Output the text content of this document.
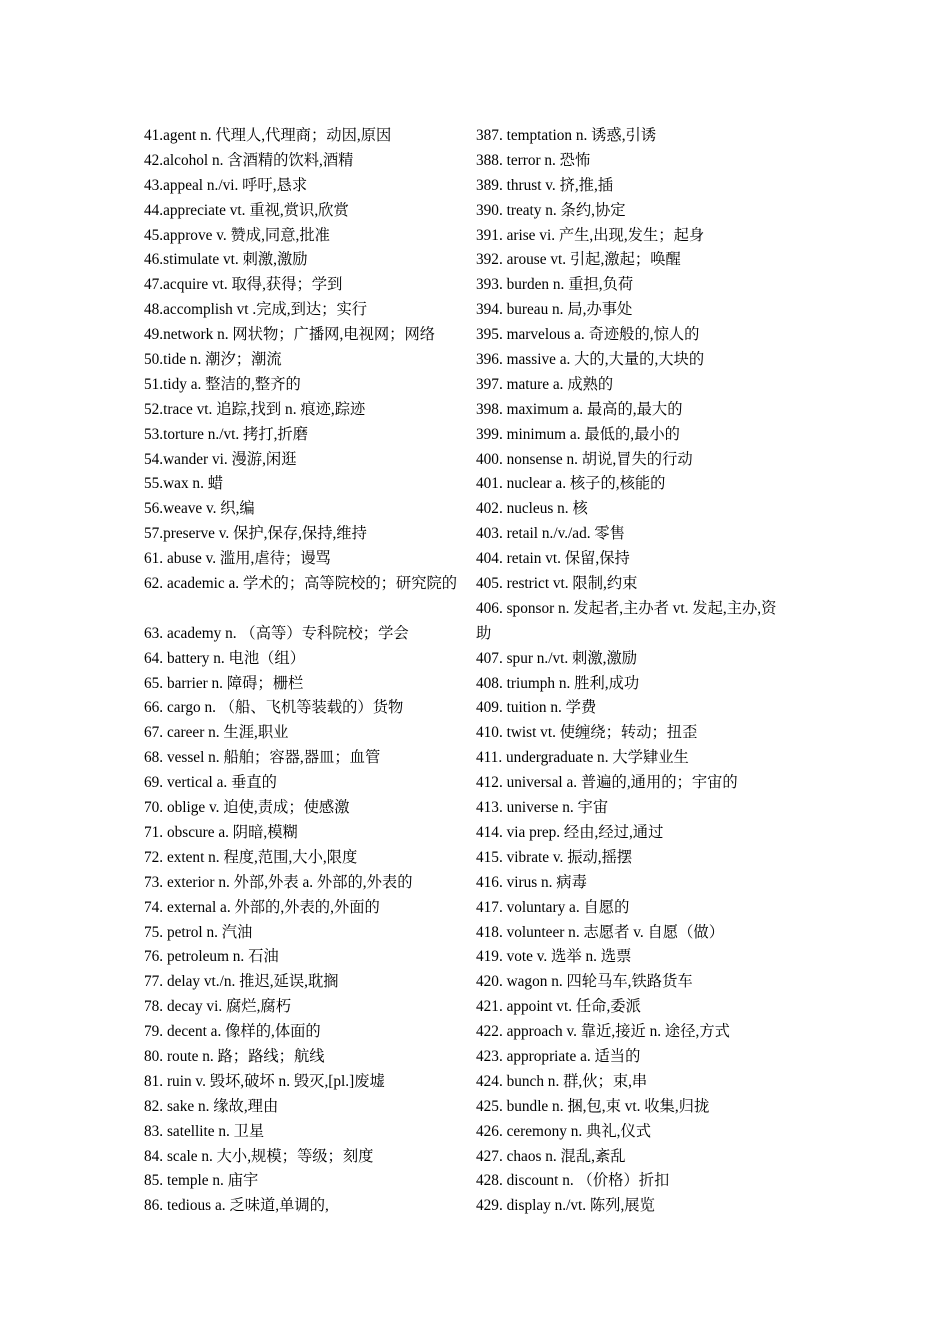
41.agent n. 代理人,代理商；动因,原因
42.alcohol n. 含酒精的饮料,酒精
43.appeal n./vi. 呼吁,恳求
44.appreciate vt. 重视,赏识,欣赏
45.approve v. 赞成,同意,批准
46.stimulate vt. 刺激,激励
47.acquire vt. 取得,获得；学到
48.accomplish vt .完成,到达；实行
49.network n. 网状物；广播网,电视网；网络
50.tide n. 潮汐；潮流
51.tidy a. 整洁的,整齐的
52.trace vt. 追踪,找到 n. 痕迹,踪迹
53.torture n./vt. 拷打,折磨
54.wander vi. 漫游,闲逛
55.wax n. 蜡
56.weave v. 织,编
57.preserve v. 保护,保存,保持,维持
61. abuse v. 滥用,虐待；谩骂
62. academic a. 学术的；高等院校的；研究院的
63. academy n. （高等）专科院校；学会
64. battery n. 电池（组）
65. barrier n. 障碍；栅栏
66. cargo n. （船、飞机等装载的）货物
67. career n. 生涯,职业
68. vessel n. 船舶；容器,器皿；血管
69. vertical a. 垂直的
70. oblige v. 迫使,责成；使感激
71. obscure a. 阴暗,模糊
72. extent n. 程度,范围,大小,限度
73. exterior n. 外部,外表 a. 外部的,外表的
74. external a. 外部的,外表的,外面的
75. petrol n. 汽油
76. petroleum n. 石油
77. delay vt./n. 推迟,延误,耽搁
78. decay vi. 腐烂,腐朽
79. decent a. 像样的,体面的
80. route n. 路；路线；航线
81. ruin v. 毁坏,破坏 n. 毁灭,[pl.]废墟
82. sake n. 缘故,理由
83. satellite n. 卫星
84. scale n. 大小,规模；等级；刻度
85. temple n. 庙宇
86. tedious a. 乏味道,单调的,
387. temptation n. 诱惑,引诱
388. terror n. 恐怖
389. thrust v. 挤,推,插
390. treaty n. 条约,协定
391. arise vi. 产生,出现,发生；起身
392. arouse vt. 引起,激起；唤醒
393. burden n. 重担,负荷
394. bureau n. 局,办事处
395. marvelous a. 奇迹般的,惊人的
396. massive a. 大的,大量的,大块的
397. mature a. 成熟的
398. maximum a. 最高的,最大的
399. minimum a. 最低的,最小的
400. nonsense n. 胡说,冒失的行动
401. nuclear a. 核子的,核能的
402. nucleus n. 核
403. retail n./v./ad. 零售
404. retain vt. 保留,保持
405. restrict vt. 限制,约束
406. sponsor n. 发起者,主办者 vt. 发起,主办,资
助
407. spur n./vt. 刺激,激励
408. triumph n. 胜利,成功
409. tuition n. 学费
410. twist vt. 使缠绕；转动；扭歪
411. undergraduate n. 大学肄业生
412. universal a. 普遍的,通用的；宇宙的
413. universe n. 宇宙
414. via prep. 经由,经过,通过
415. vibrate v. 振动,摇摆
416. virus n. 病毒
417. voluntary a. 自愿的
418. volunteer n. 志愿者 v. 自愿（做）
419. vote v. 选举 n. 选票
420. wagon n. 四轮马车,铁路货车
421. appoint vt. 任命,委派
422. approach v. 靠近,接近 n. 途径,方式
423. appropriate a. 适当的
424. bunch n. 群,伙；束,串
425. bundle n. 捆,包,束 vt. 收集,归拢
426. ceremony n. 典礼,仪式
427. chaos n. 混乱,紊乱
428. discount n. （价格）折扣
429. display n./vt. 陈列,展览
